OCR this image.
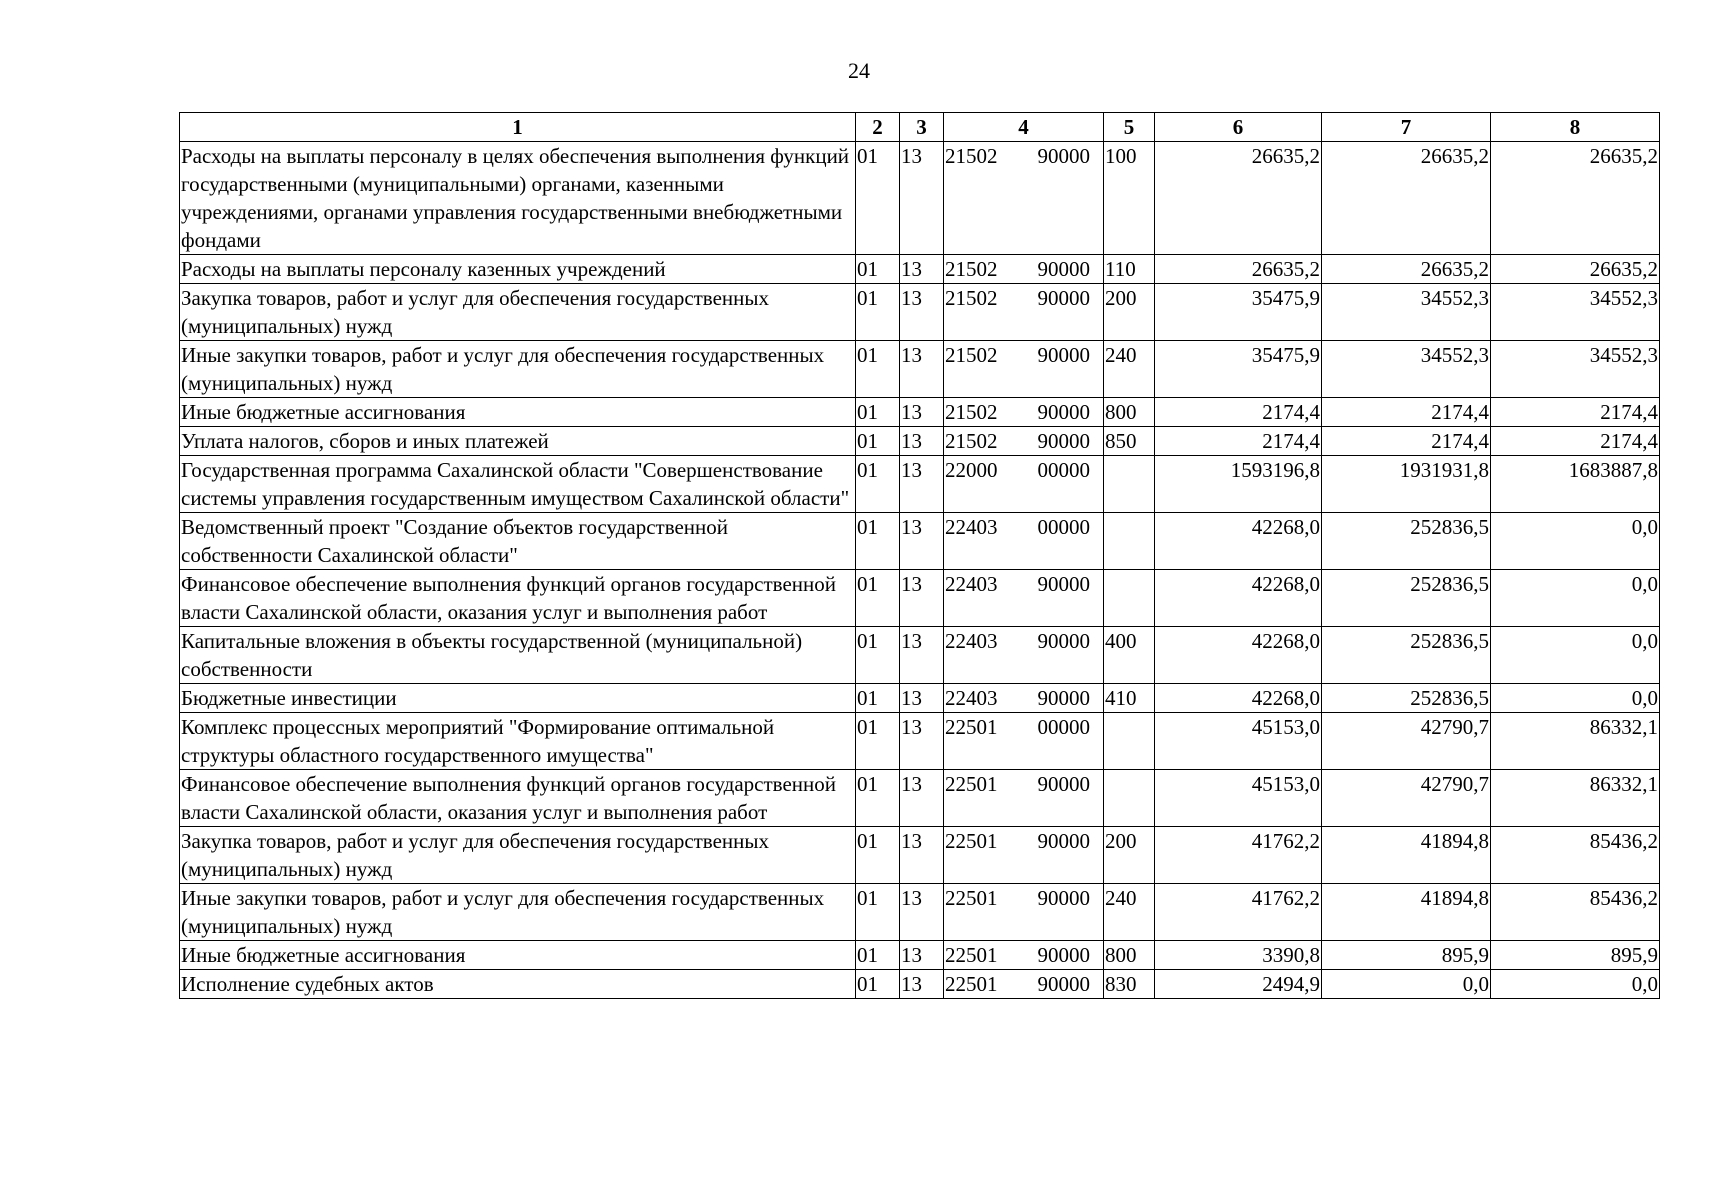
24
1	2	3	4	5	6	7	8
Расходы на выплаты персоналу в целях обеспечения выполнения функций государственными (муниципальными) органами, казенными учреждениями, органами управления государственными внебюджетными фондами	01	13	21502 90000	100	26635,2	26635,2	26635,2
Расходы на выплаты персоналу казенных учреждений	01	13	21502 90000	110	26635,2	26635,2	26635,2
Закупка товаров, работ и услуг для обеспечения государственных (муниципальных) нужд	01	13	21502 90000	200	35475,9	34552,3	34552,3
Иные закупки товаров, работ и услуг для обеспечения государственных (муниципальных) нужд	01	13	21502 90000	240	35475,9	34552,3	34552,3
Иные бюджетные ассигнования	01	13	21502 90000	800	2174,4	2174,4	2174,4
Уплата налогов, сборов и иных платежей	01	13	21502 90000	850	2174,4	2174,4	2174,4
Государственная программа Сахалинской области "Совершенствование системы управления государственным имуществом Сахалинской области"	01	13	22000 00000		1593196,8	1931931,8	1683887,8
Ведомственный проект "Создание объектов государственной собственности Сахалинской области"	01	13	22403 00000		42268,0	252836,5	0,0
Финансовое обеспечение выполнения функций органов государственной власти Сахалинской области, оказания услуг и выполнения работ	01	13	22403 90000		42268,0	252836,5	0,0
Капитальные вложения в объекты государственной (муниципальной) собственности	01	13	22403 90000	400	42268,0	252836,5	0,0
Бюджетные инвестиции	01	13	22403 90000	410	42268,0	252836,5	0,0
Комплекс процессных мероприятий "Формирование оптимальной структуры областного государственного имущества"	01	13	22501 00000		45153,0	42790,7	86332,1
Финансовое обеспечение выполнения функций органов государственной власти Сахалинской области, оказания услуг и выполнения работ	01	13	22501 90000		45153,0	42790,7	86332,1
Закупка товаров, работ и услуг для обеспечения государственных (муниципальных) нужд	01	13	22501 90000	200	41762,2	41894,8	85436,2
Иные закупки товаров, работ и услуг для обеспечения государственных (муниципальных) нужд	01	13	22501 90000	240	41762,2	41894,8	85436,2
Иные бюджетные ассигнования	01	13	22501 90000	800	3390,8	895,9	895,9
Исполнение судебных актов	01	13	22501 90000	830	2494,9	0,0	0,0
